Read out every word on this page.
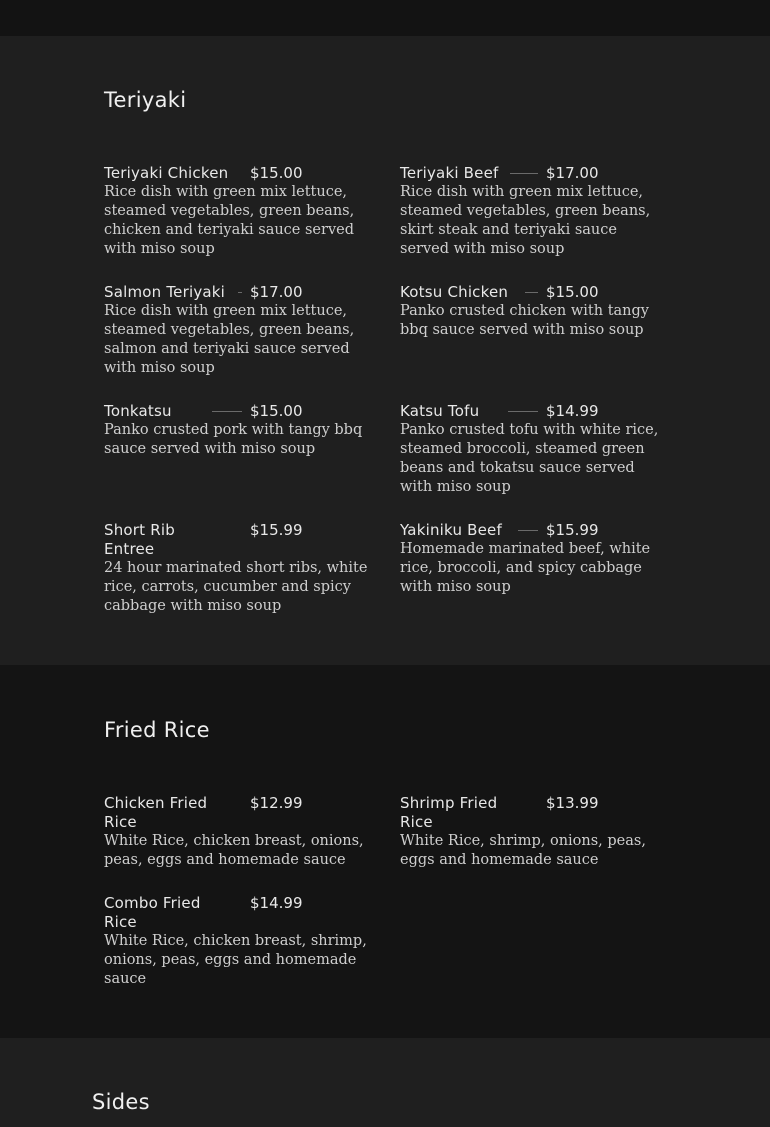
Teriyaki
Teriyaki Chicken	$15.00

Rice dish with green mix lettuce, steamed vegetables, green beans, chicken and teriyaki sauce served with miso soup

Teriyaki Beef	$17.00

Rice dish with green mix lettuce, steamed vegetables, green beans, skirt steak and teriyaki sauce served with miso soup

Salmon Teriyaki	$17.00

Rice dish with green mix lettuce, steamed vegetables, green beans, salmon and teriyaki sauce served with miso soup

Kotsu Chicken	$15.00

Panko crusted chicken with tangy bbq sauce served with miso soup

Tonkatsu	$15.00

Panko crusted pork with tangy bbq sauce served with miso soup

Katsu Tofu	$14.99

Panko crusted tofu with white rice, steamed broccoli, steamed green beans and tokatsu sauce served with miso soup

Short Rib Entree
$15.99

24 hour marinated short ribs, white rice, carrots, cucumber and spicy cabbage with miso soup

Yakiniku Beef	$15.99

Homemade marinated beef, white rice, broccoli, and spicy cabbage with miso soup

Fried Rice
Chicken Fried Rice
$12.99

White Rice, chicken breast, onions, peas, eggs and homemade sauce

Shrimp Fried Rice
$13.99

White Rice, shrimp, onions, peas, eggs and homemade sauce

Combo Fried Rice
$14.99

White Rice, chicken breast, shrimp, onions, peas, eggs and homemade sauce

Sides
